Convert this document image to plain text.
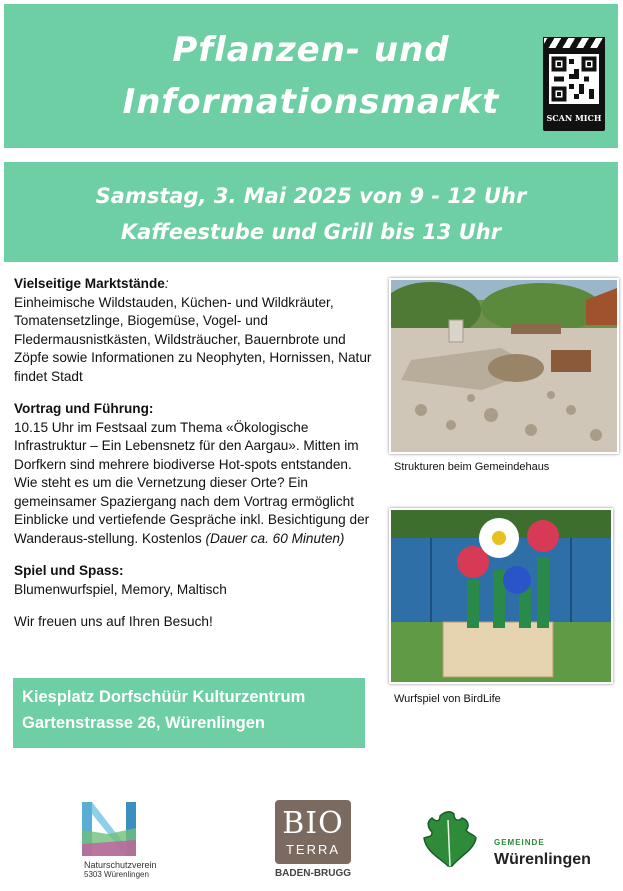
Pflanzen- und
Informationsmarkt	SCAN MICH
Samstag, 3. Mai 2025 von 9 - 12 Uhr
Kaffeestube und Grill bis 13 Uhr

Vielseitige Marktstände:

Einheimische Wildstauden, Küchen- und Wildkräuter, Tomatensetzlinge, Biogemüse, Vogel- und Fledermausnistkästen, Wildsträucher, Bauernbrote und Zöpfe sowie Informationen zu Neophyten, Hornissen, Natur findet Stadt

Vortrag und Führung:

10.15 Uhr im Festsaal zum Thema «Ökologische Infrastruktur – Ein Lebensnetz für den Aargau». Mitten im Dorfkern sind mehrere biodiverse Hot-spots entstanden. Wie steht es um die Vernetzung dieser Orte? Ein gemeinsamer Spaziergang nach dem Vortrag ermöglicht Einblicke und vertiefende Gespräche inkl. Besichtigung der Wanderaus-stellung. Kostenlos (Dauer ca. 60 Minuten)

Spiel und Spass:

Blumenwurfspiel, Memory, Maltisch

Wir freuen uns auf Ihren Besuch!

Kiesplatz Dorfschüür Kulturzentrum
Gartenstrasse 26, Würenlingen
Strukturen beim Gemeindehaus
Wurfspiel von BirdLife
Naturschutzverein
5303 Würenlingen
BIO
TERRA
BADEN-BRUGG
GEMEINDE
Würenlingen
